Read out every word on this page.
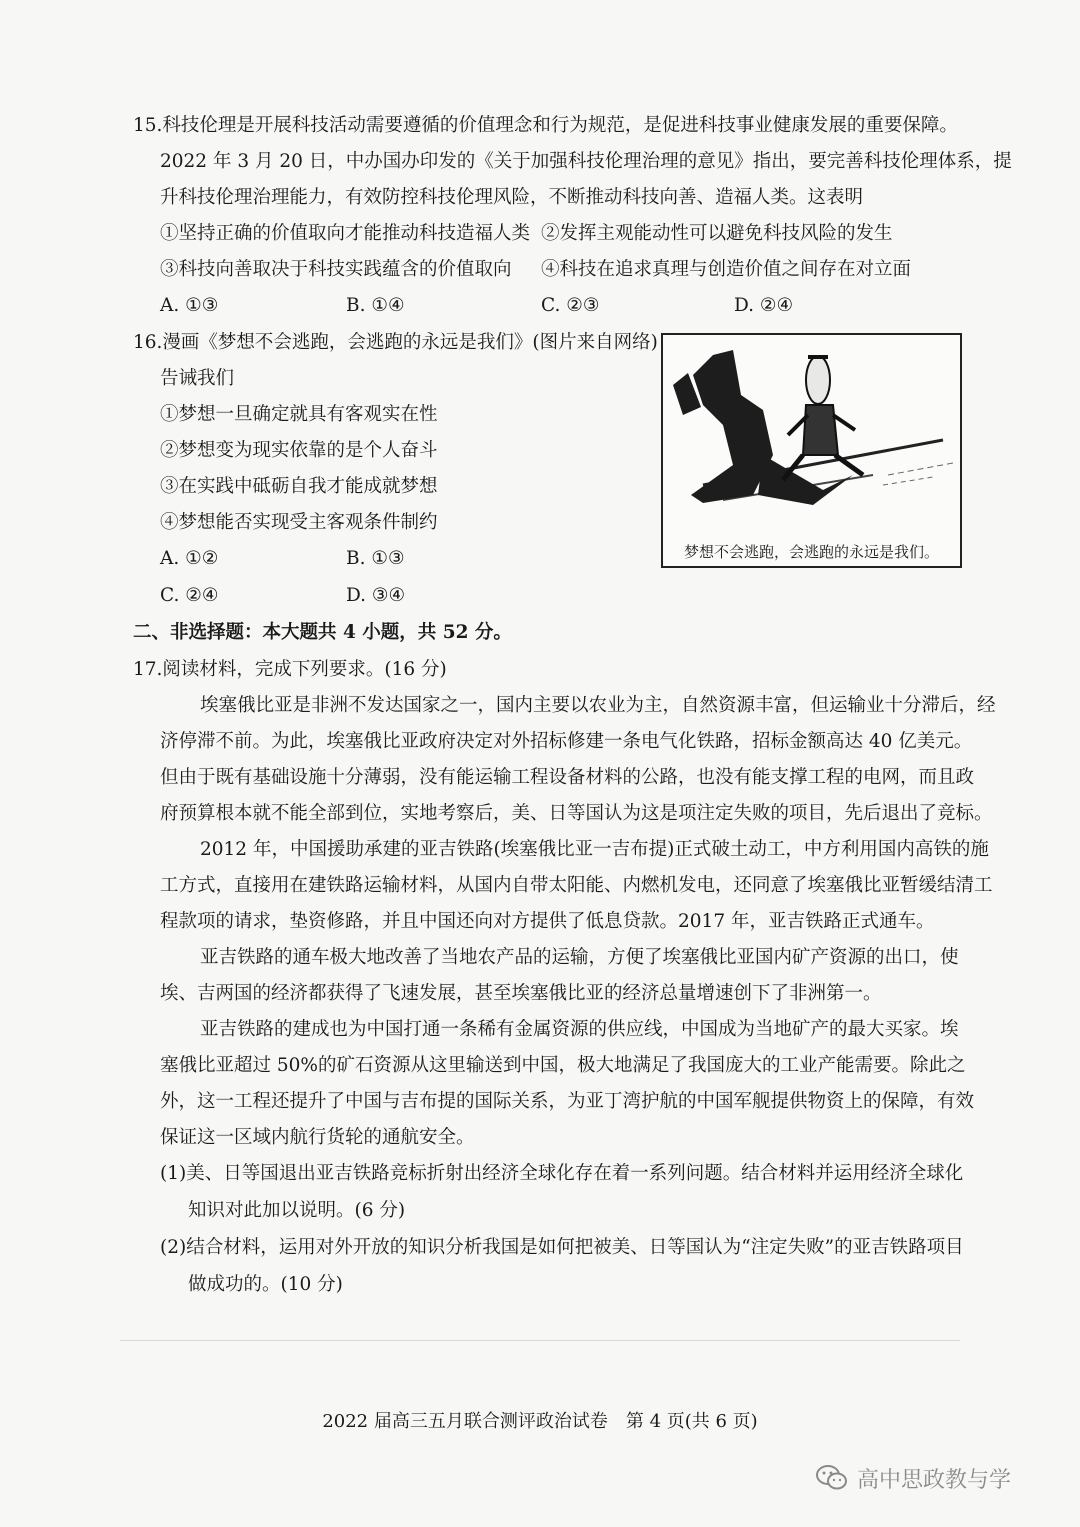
15.科技伦理是开展科技活动需要遵循的价值理念和行为规范，是促进科技事业健康发展的重要保障。
2022 年 3 月 20 日，中办国办印发的《关于加强科技伦理治理的意见》指出，要完善科技伦理体系，提
升科技伦理治理能力，有效防控科技伦理风险，不断推动科技向善、造福人类。这表明
①坚持正确的价值取向才能推动科技造福人类 ②发挥主观能动性可以避免科技风险的发生
③科技向善取决于科技实践蕴含的价值取向 ④科技在追求真理与创造价值之间存在对立面
A. ①③	B. ①④	C. ②③	D. ②④
16.漫画《梦想不会逃跑，会逃跑的永远是我们》(图片来自网络)
告诫我们
①梦想一旦确定就具有客观实在性
②梦想变为现实依靠的是个人奋斗
③在实践中砥砺自我才能成就梦想
④梦想能否实现受主客观条件制约
A. ①②	B. ①③
C. ②④	D. ③④
梦想不会逃跑，会逃跑的永远是我们。
二、非选择题：本大题共 4 小题，共 52 分。
17.阅读材料，完成下列要求。(16 分)
埃塞俄比亚是非洲不发达国家之一，国内主要以农业为主，自然资源丰富，但运输业十分滞后，经
济停滞不前。为此，埃塞俄比亚政府决定对外招标修建一条电气化铁路，招标金额高达 40 亿美元。
但由于既有基础设施十分薄弱，没有能运输工程设备材料的公路，也没有能支撑工程的电网，而且政
府预算根本就不能全部到位，实地考察后，美、日等国认为这是项注定失败的项目，先后退出了竞标。
2012 年，中国援助承建的亚吉铁路(埃塞俄比亚一吉布提)正式破土动工，中方利用国内高铁的施
工方式，直接用在建铁路运输材料，从国内自带太阳能、内燃机发电，还同意了埃塞俄比亚暂缓结清工
程款项的请求，垫资修路，并且中国还向对方提供了低息贷款。2017 年，亚吉铁路正式通车。
亚吉铁路的通车极大地改善了当地农产品的运输，方便了埃塞俄比亚国内矿产资源的出口，使
埃、吉两国的经济都获得了飞速发展，甚至埃塞俄比亚的经济总量增速创下了非洲第一。
亚吉铁路的建成也为中国打通一条稀有金属资源的供应线，中国成为当地矿产的最大买家。埃
塞俄比亚超过 50%的矿石资源从这里输送到中国，极大地满足了我国庞大的工业产能需要。除此之
外，这一工程还提升了中国与吉布提的国际关系，为亚丁湾护航的中国军舰提供物资上的保障，有效
保证这一区域内航行货轮的通航安全。
(1)美、日等国退出亚吉铁路竞标折射出经济全球化存在着一系列问题。结合材料并运用经济全球化
知识对此加以说明。(6 分)
(2)结合材料，运用对外开放的知识分析我国是如何把被美、日等国认为“注定失败”的亚吉铁路项目
做成功的。(10 分)
2022 届高三五月联合测评政治试卷　第 4 页(共 6 页)
高中思政教与学
